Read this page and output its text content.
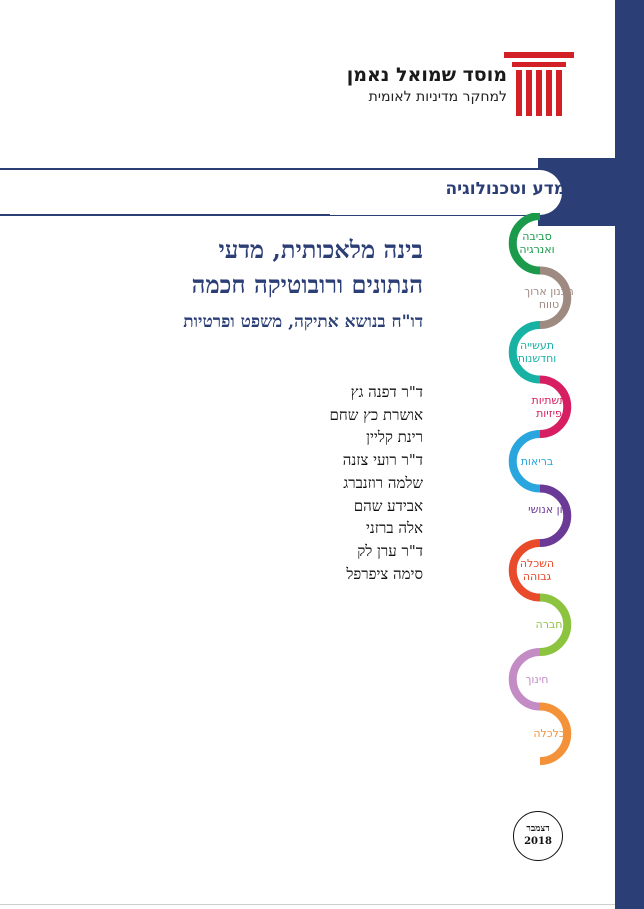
מוסד שמואל נאמן
למחקר מדיניות לאומית
מדע וטכנולוגיה
בינה מלאכותית, מדעי
הנתונים ורובוטיקה חכמה
דו"ח בנושא אתיקה, משפט ופרטיות
ד"ר דפנה גץ
אושרת כץ שחם
רינת קליין
ד"ר רועי צזנה
שלמה רוזנברג
אבידע שהם
אלה ברזני
ד"ר ערן לק
סימה ציפרפל
סביבה ואנרגיה
תכנון ארוך טווח
תעשייה וחדשנות
תשתיות פיזיות
בריאות
הון אנושי
השכלה גבוהה
חברה
חינוך
כלכלה
דצמבר
2018
